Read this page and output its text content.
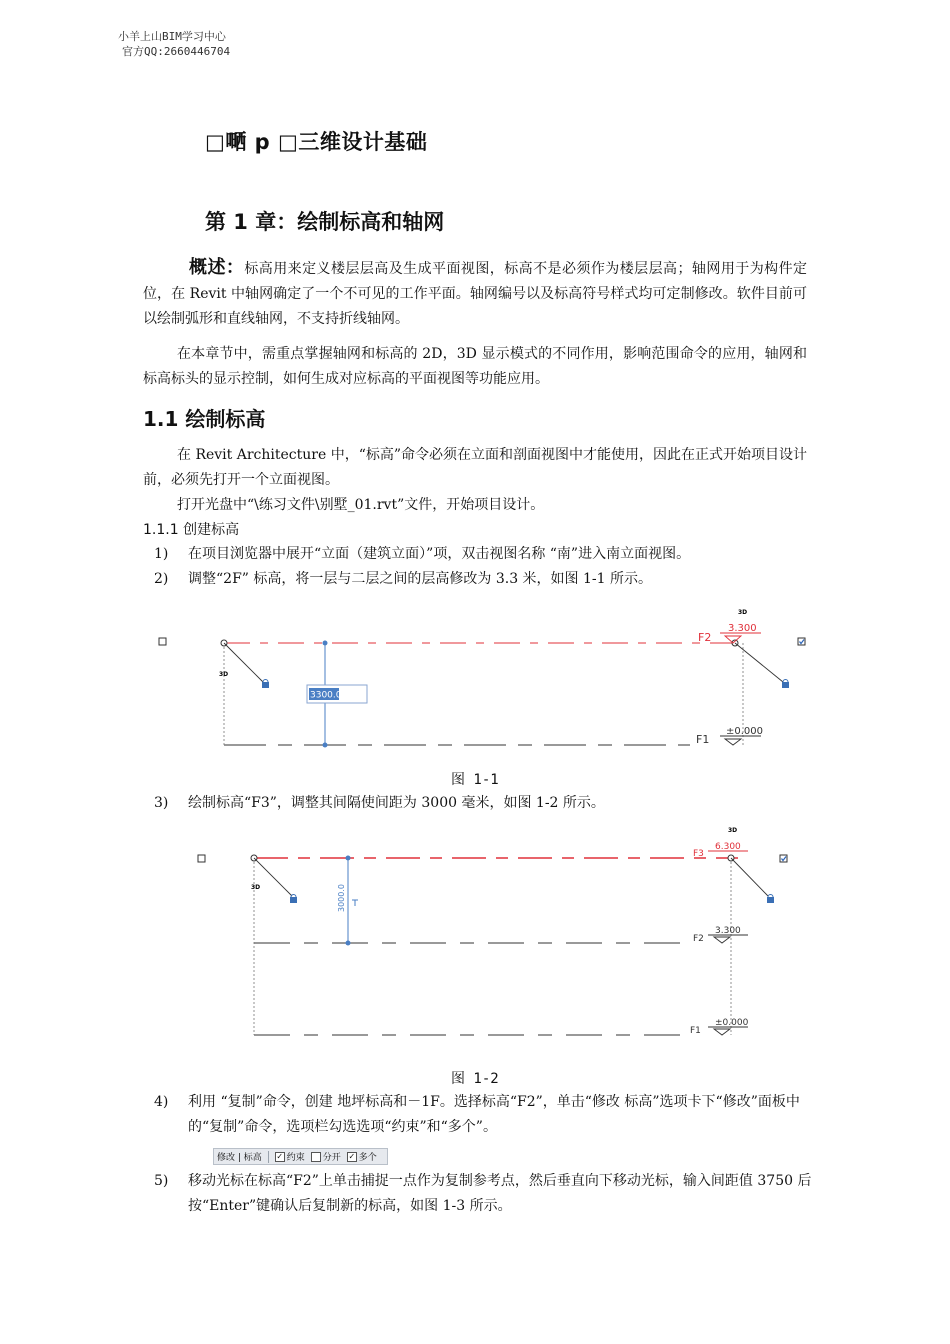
小羊上山BIM学习中心
官方QQ:2660446704
□嗮 p □三维设计基础
第 1 章：绘制标高和轴网
概述：标高用来定义楼层层高及生成平面视图，标高不是必须作为楼层层高；轴网用于为构件定位，在 Revit 中轴网确定了一个不可见的工作平面。轴网编号以及标高符号样式均可定制修改。软件目前可以绘制弧形和直线轴网，不支持折线轴网。
在本章节中，需重点掌握轴网和标高的 2D，3D 显示模式的不同作用，影响范围命令的应用，轴网和标高标头的显示控制，如何生成对应标高的平面视图等功能应用。
1.1 绘制标高
在 Revit Architecture 中，“标高”命令必须在立面和剖面视图中才能使用，因此在正式开始项目设计前，必须先打开一个立面视图。
打开光盘中“\练习文件\别墅_01.rvt”文件，开始项目设计。
1.1.1 创建标高
1) 在项目浏览器中展开“立面（建筑立面）”项，双击视图名称 “南”进入南立面视图。
2) 调整“2F” 标高，将一层与二层之间的层高修改为 3.3 米，如图 1-1 所示。
3D
3D
F2
3.300
F1
±0.000
3300.0
图 1-1
3) 绘制标高“F3”，调整其间隔使间距为 3000 毫米，如图 1-2 所示。
3D
3D
F3
6.300
F2
3.300
F1
±0.000
3000.0
图 1-2
4) 利用 “复制”命令，创建 地坪标高和－1F。选择标高“F2”，单击“修改 标高”选项卡下“修改”面板中的“复制”命令，选项栏勾选选项“约束”和“多个”。
修改 | 标高 ✓ 约束 分开 ✓ 多个
5) 移动光标在标高“F2”上单击捕捉一点作为复制参考点，然后垂直向下移动光标，输入间距值 3750 后按“Enter”键确认后复制新的标高，如图 1-3 所示。
